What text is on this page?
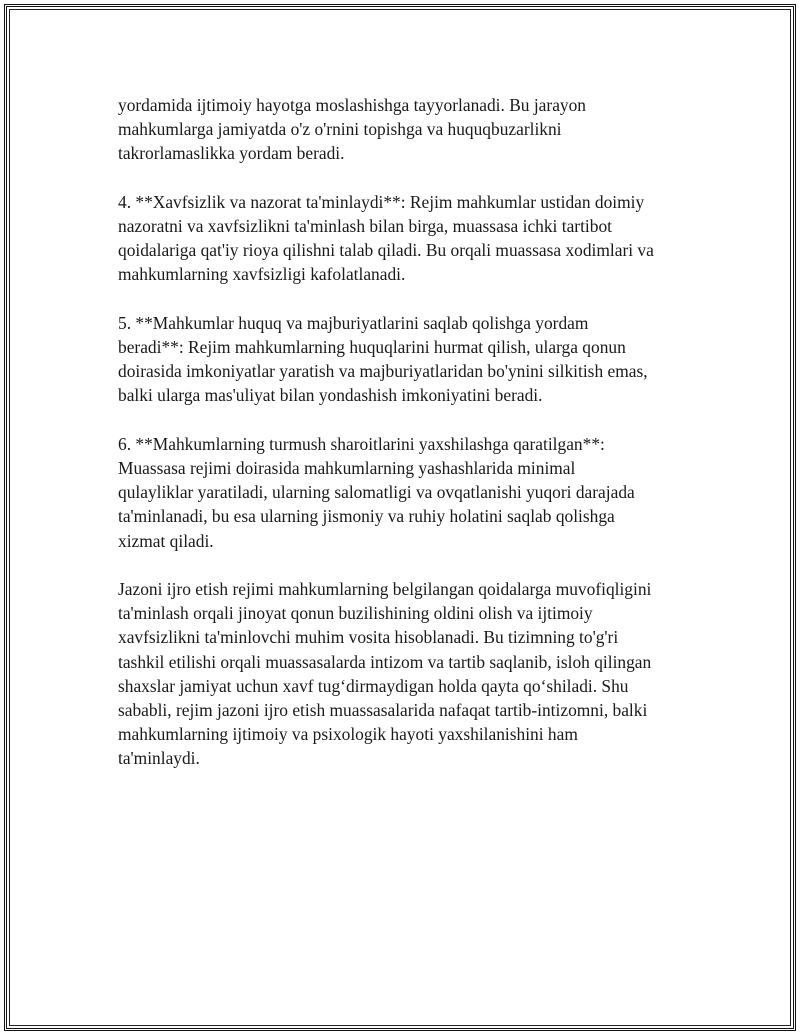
yordamida ijtimoiy hayotga moslashishga tayyorlanadi. Bu jarayon
mahkumlarga jamiyatda o'z o'rnini topishga va huquqbuzarlikni
takrorlamaslikka yordam beradi.

4. **Xavfsizlik va nazorat ta'minlaydi**: Rejim mahkumlar ustidan doimiy
nazoratni va xavfsizlikni ta'minlash bilan birga, muassasa ichki tartibot
qoidalariga qat'iy rioya qilishni talab qiladi. Bu orqali muassasa xodimlari va
mahkumlarning xavfsizligi kafolatlanadi.

5. **Mahkumlar huquq va majburiyatlarini saqlab qolishga yordam
beradi**: Rejim mahkumlarning huquqlarini hurmat qilish, ularga qonun
doirasida imkoniyatlar yaratish va majburiyatlaridan bo'ynini silkitish emas,
balki ularga mas'uliyat bilan yondashish imkoniyatini beradi.

6. **Mahkumlarning turmush sharoitlarini yaxshilashga qaratilgan**:
Muassasa rejimi doirasida mahkumlarning yashashlarida minimal
qulayliklar yaratiladi, ularning salomatligi va ovqatlanishi yuqori darajada
ta'minlanadi, bu esa ularning jismoniy va ruhiy holatini saqlab qolishga
xizmat qiladi.

Jazoni ijro etish rejimi mahkumlarning belgilangan qoidalarga muvofiqligini
ta'minlash orqali jinoyat qonun buzilishining oldini olish va ijtimoiy
xavfsizlikni ta'minlovchi muhim vosita hisoblanadi. Bu tizimning to'g'ri
tashkil etilishi orqali muassasalarda intizom va tartib saqlanib, isloh qilingan
shaxslar jamiyat uchun xavf tug‘dirmaydigan holda qayta qo‘shiladi. Shu
sababli, rejim jazoni ijro etish muassasalarida nafaqat tartib-intizomni, balki
mahkumlarning ijtimoiy va psixologik hayoti yaxshilanishini ham
ta'minlaydi.
